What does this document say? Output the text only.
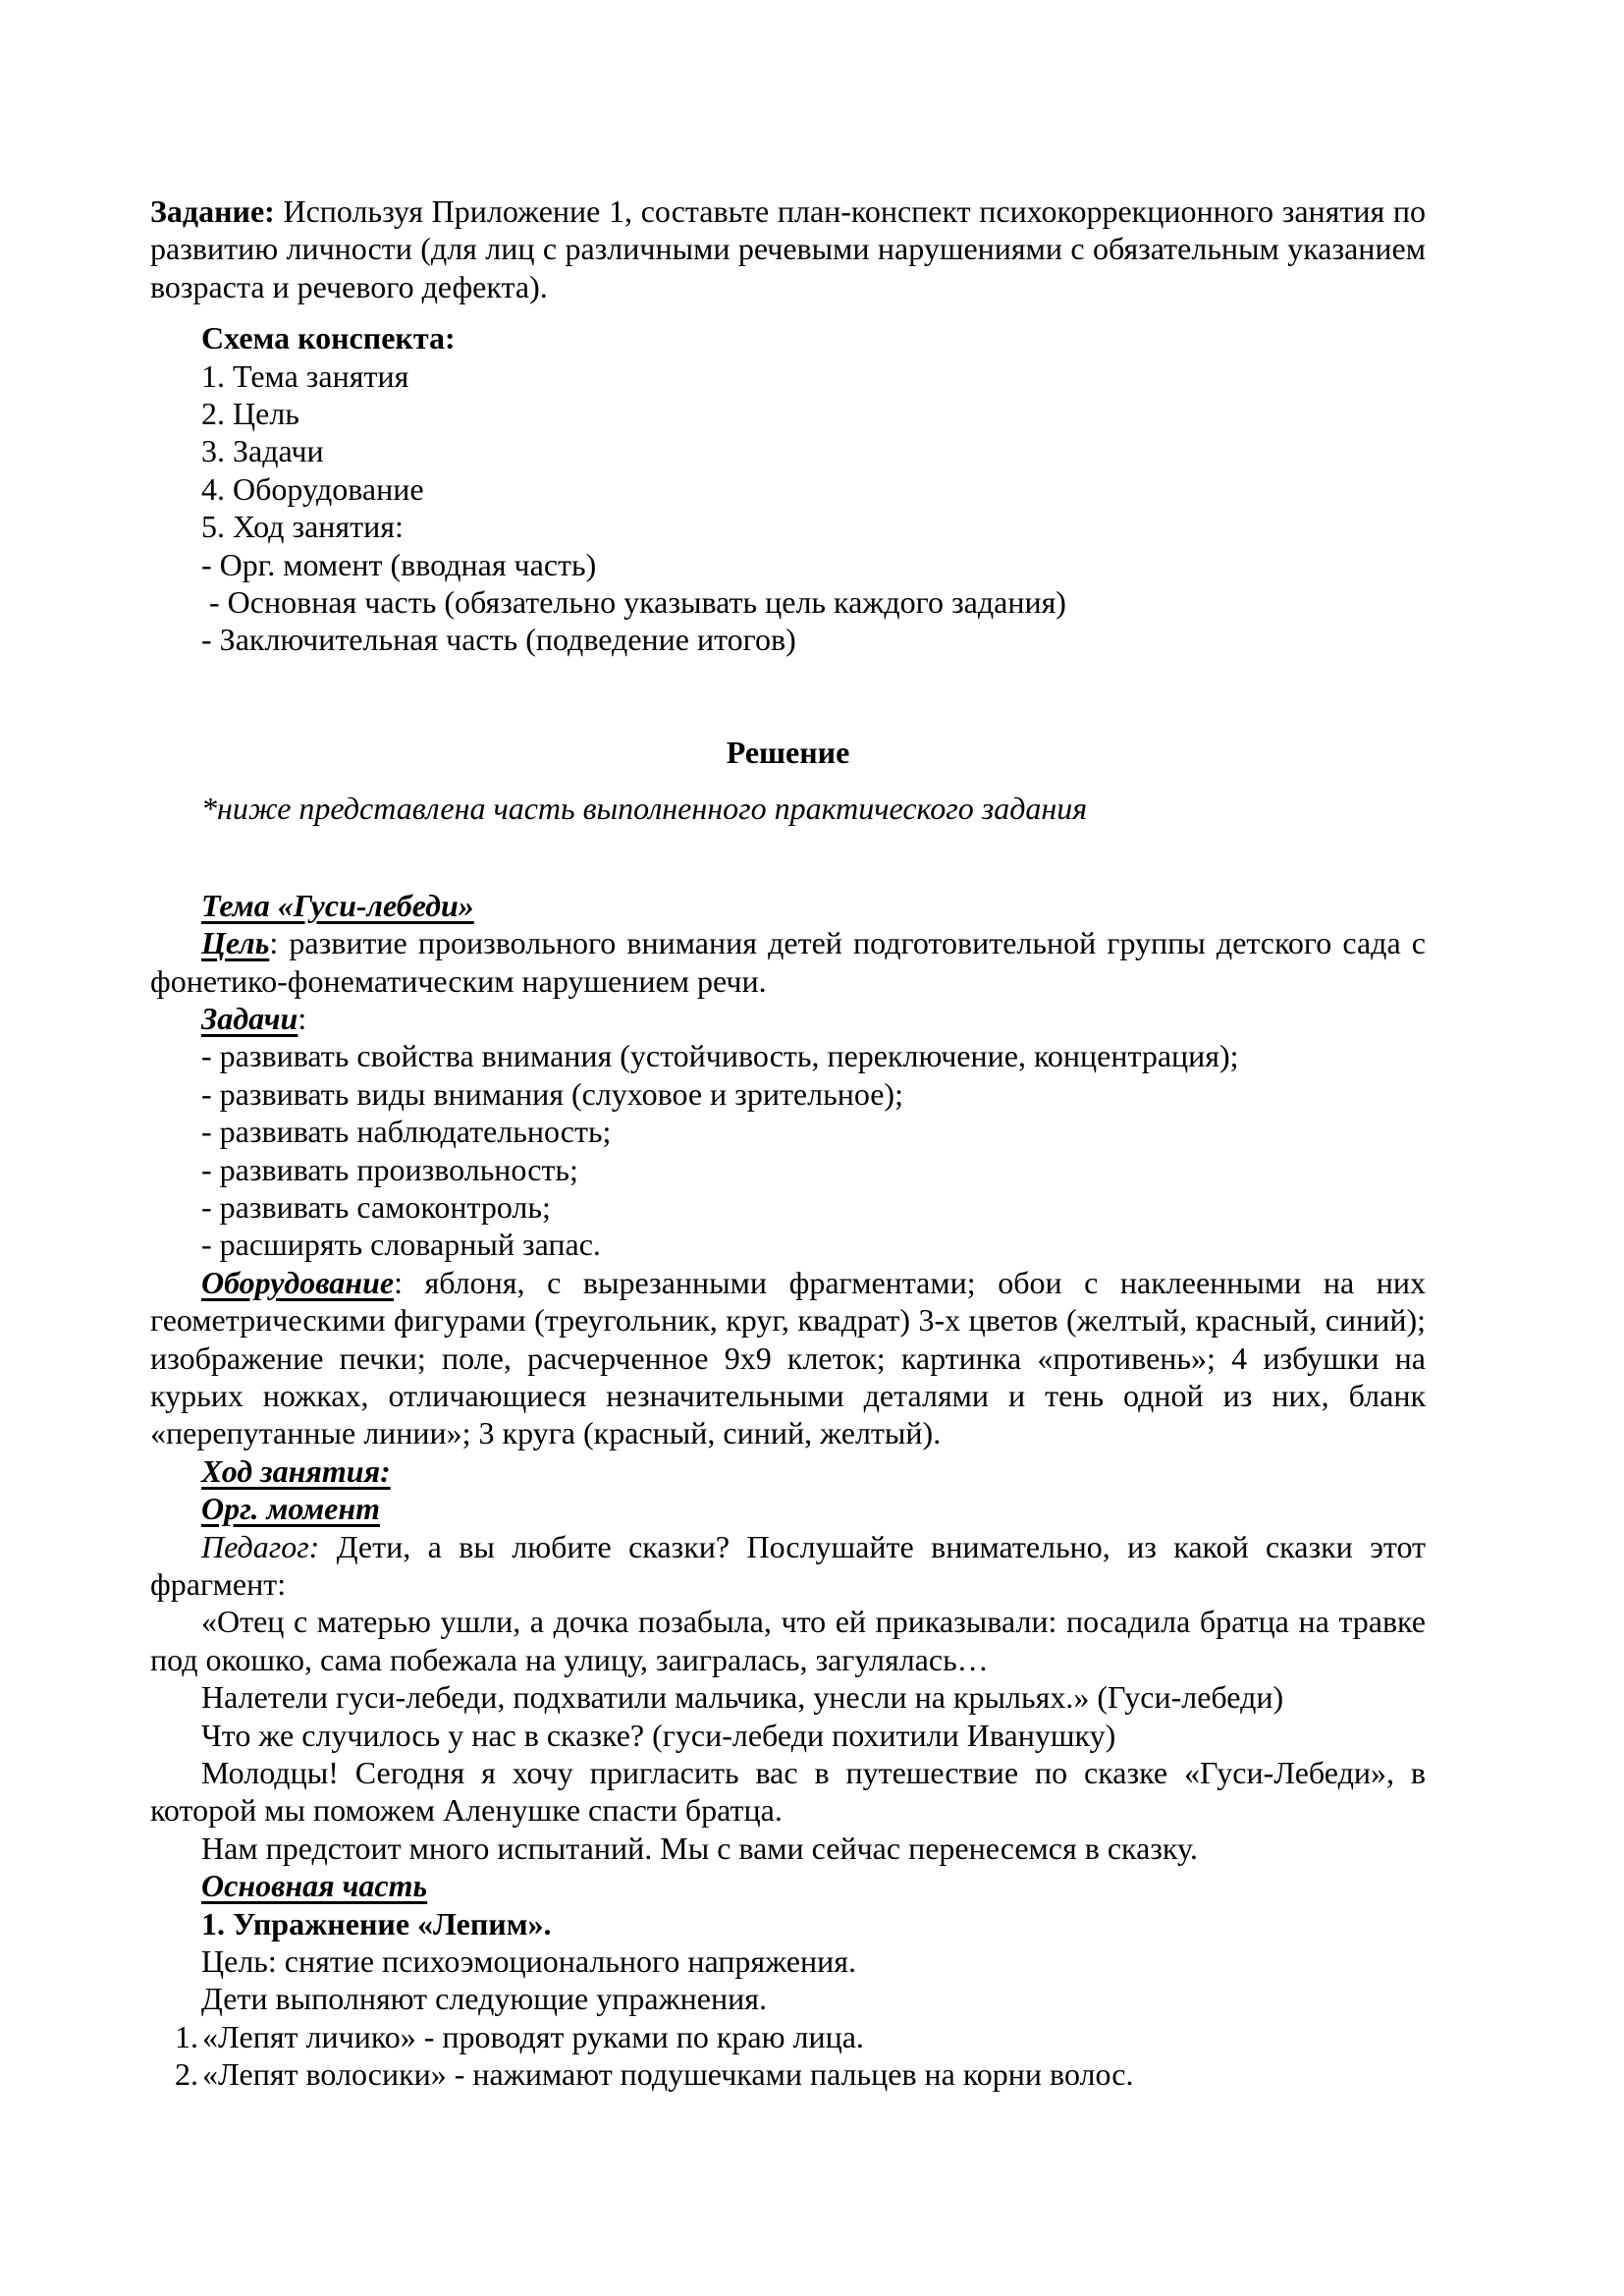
Задание: Используя Приложение 1, составьте план-конспект психокоррекционного занятия по развитию личности (для лиц с различными речевыми нарушениями с обязательным указанием возраста и речевого дефекта).
Схема конспекта:
1. Тема занятия
2. Цель
3. Задачи
4. Оборудование
5. Ход занятия:
- Орг. момент (вводная часть)
- Основная часть (обязательно указывать цель каждого задания)
- Заключительная часть (подведение итогов)
Решение
*ниже представлена часть выполненного практического задания
Тема «Гуси-лебеди»
Цель: развитие произвольного внимания детей подготовительной группы детского сада с фонетико-фонематическим нарушением речи.
Задачи:
- развивать свойства внимания (устойчивость, переключение, концентрация);
- развивать виды внимания (слуховое и зрительное);
- развивать наблюдательность;
- развивать произвольность;
- развивать самоконтроль;
- расширять словарный запас.
Оборудование: яблоня, с вырезанными фрагментами; обои с наклеенными на них геометрическими фигурами (треугольник, круг, квадрат) 3-х цветов (желтый, красный, синий); изображение печки; поле, расчерченное 9х9 клеток; картинка «противень»; 4 избушки на курьих ножках, отличающиеся незначительными деталями и тень одной из них, бланк «перепутанные линии»; 3 круга (красный, синий, желтый).
Ход занятия:
Орг. момент
Педагог: Дети, а вы любите сказки? Послушайте внимательно, из какой сказки этот фрагмент:
«Отец с матерью ушли, а дочка позабыла, что ей приказывали: посадила братца на травке под окошко, сама побежала на улицу, заигралась, загулялась…
Налетели гуси-лебеди, подхватили мальчика, унесли на крыльях.» (Гуси-лебеди)
Что же случилось у нас в сказке? (гуси-лебеди похитили Иванушку)
Молодцы! Сегодня я хочу пригласить вас в путешествие по сказке «Гуси-Лебеди», в которой мы поможем Аленушке спасти братца.
Нам предстоит много испытаний. Мы с вами сейчас перенесемся в сказку.
Основная часть
1. Упражнение «Лепим».
Цель: снятие психоэмоционального напряжения.
Дети выполняют следующие упражнения.
1. «Лепят личико» - проводят руками по краю лица.
2. «Лепят волосики» - нажимают подушечками пальцев на корни волос.
